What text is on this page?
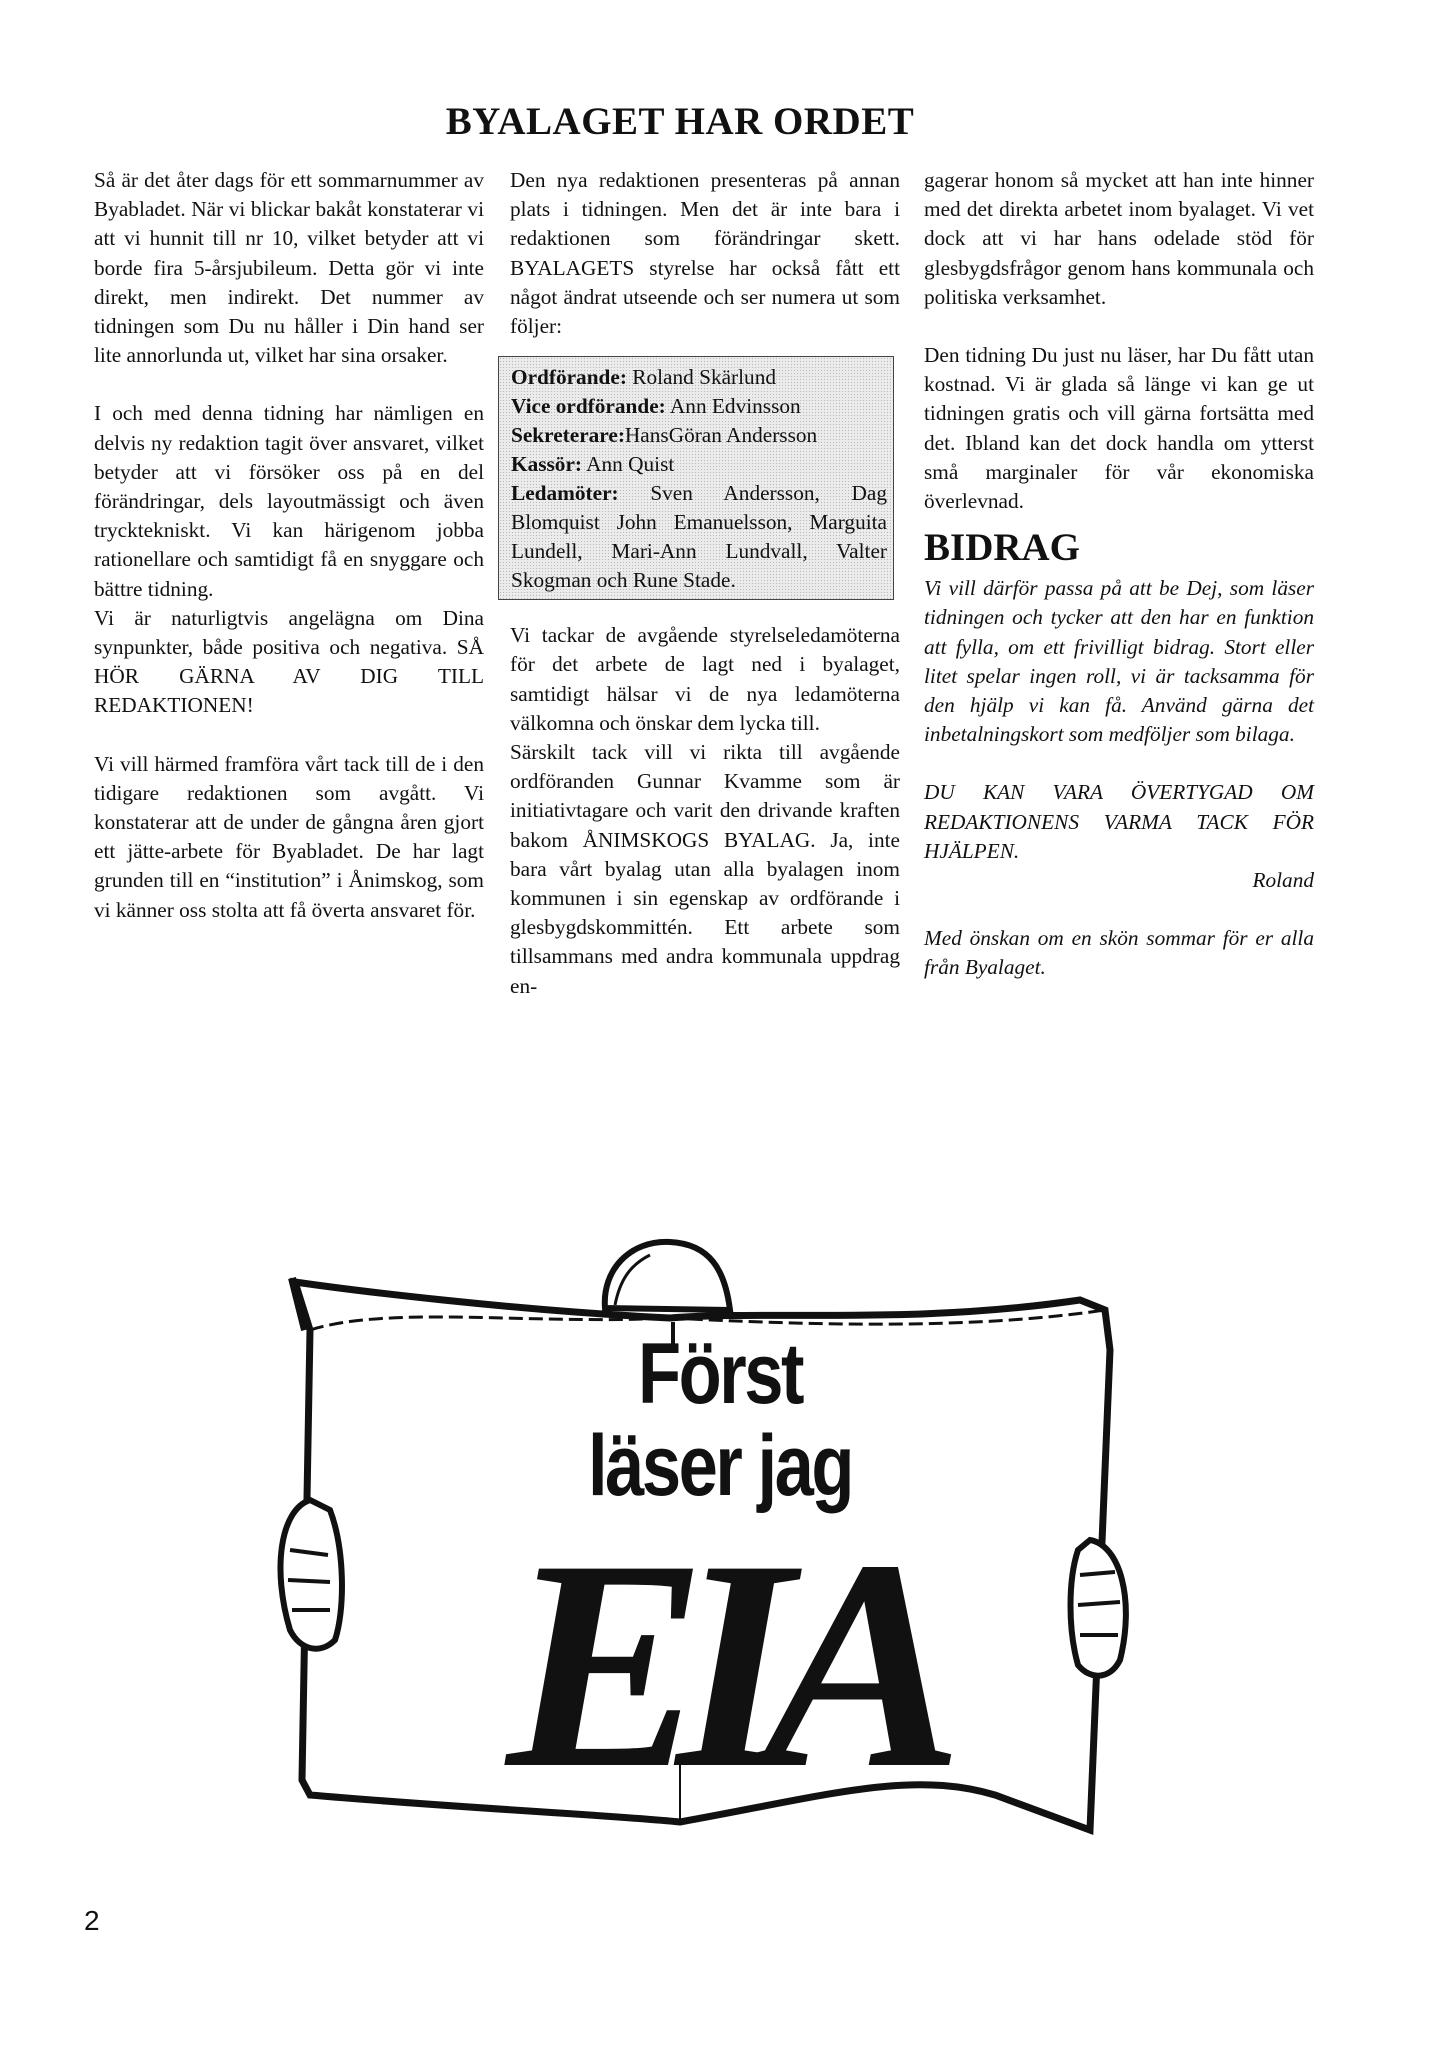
BYALAGET HAR ORDET

Så är det åter dags för ett sommarnummer av Byabladet. När vi blickar bakåt konstaterar vi att vi hunnit till nr 10, vilket betyder att vi borde fira 5-årsjubileum. Detta gör vi inte direkt, men indirekt. Det nummer av tidningen som Du nu håller i Din hand ser lite annorlunda ut, vilket har sina orsaker.

I och med denna tidning har nämligen en delvis ny redaktion tagit över ansvaret, vilket betyder att vi försöker oss på en del förändringar, dels layoutmässigt och även trycktekniskt. Vi kan härigenom jobba rationellare och samtidigt få en snyggare och bättre tidning.

Vi är naturligtvis angelägna om Dina synpunkter, både positiva och negativa. SÅ HÖR GÄRNA AV DIG TILL REDAKTIONEN!

Vi vill härmed framföra vårt tack till de i den tidigare redaktionen som avgått. Vi konstaterar att de under de gångna åren gjort ett jätte-arbete för Byabladet. De har lagt grunden till en “institution” i Ånimskog, som vi känner oss stolta att få överta ansvaret för.

Den nya redaktionen presenteras på annan plats i tidningen. Men det är inte bara i redaktionen som förändringar skett. BYALAGETS styrelse har också fått ett något ändrat utseende och ser numera ut som följer:

Ordförande: Roland Skärlund
Vice ordförande: Ann Edvinsson
Sekreterare:HansGöran Andersson
Kassör: Ann Quist
Ledamöter: Sven Andersson, Dag Blomquist John Emanuelsson, Marguita Lundell, Mari-Ann Lundvall, Valter Skogman och Rune Stade.

Vi tackar de avgående styrelseledamöterna för det arbete de lagt ned i byalaget, samtidigt hälsar vi de nya ledamöterna välkomna och önskar dem lycka till.

Särskilt tack vill vi rikta till avgående ordföranden Gunnar Kvamme som är initiativtagare och varit den drivande kraften bakom ÅNIMSKOGS BYALAG. Ja, inte bara vårt byalag utan alla byalagen inom kommunen i sin egenskap av ordförande i glesbygdskommittén. Ett arbete som tillsammans med andra kommunala uppdrag en-

gagerar honom så mycket att han inte hinner med det direkta arbetet inom byalaget. Vi vet dock att vi har hans odelade stöd för glesbygdsfrågor genom hans kommunala och politiska verksamhet.

Den tidning Du just nu läser, har Du fått utan kostnad. Vi är glada så länge vi kan ge ut tidningen gratis och vill gärna fortsätta med det. Ibland kan det dock handla om ytterst små marginaler för vår ekonomiska överlevnad.

BIDRAG

Vi vill därför passa på att be Dej, som läser tidningen och tycker att den har en funktion att fylla, om ett frivilligt bidrag. Stort eller litet spelar ingen roll, vi är tacksamma för den hjälp vi kan få. Använd gärna det inbetalningskort som medföljer som bilaga.

DU KAN VARA ÖVERTYGAD OM REDAKTIONENS VARMA TACK FÖR HJÄLPEN.

Roland

Med önskan om en skön sommar för er alla från Byalaget.

Först
läser jag
EIA
2
